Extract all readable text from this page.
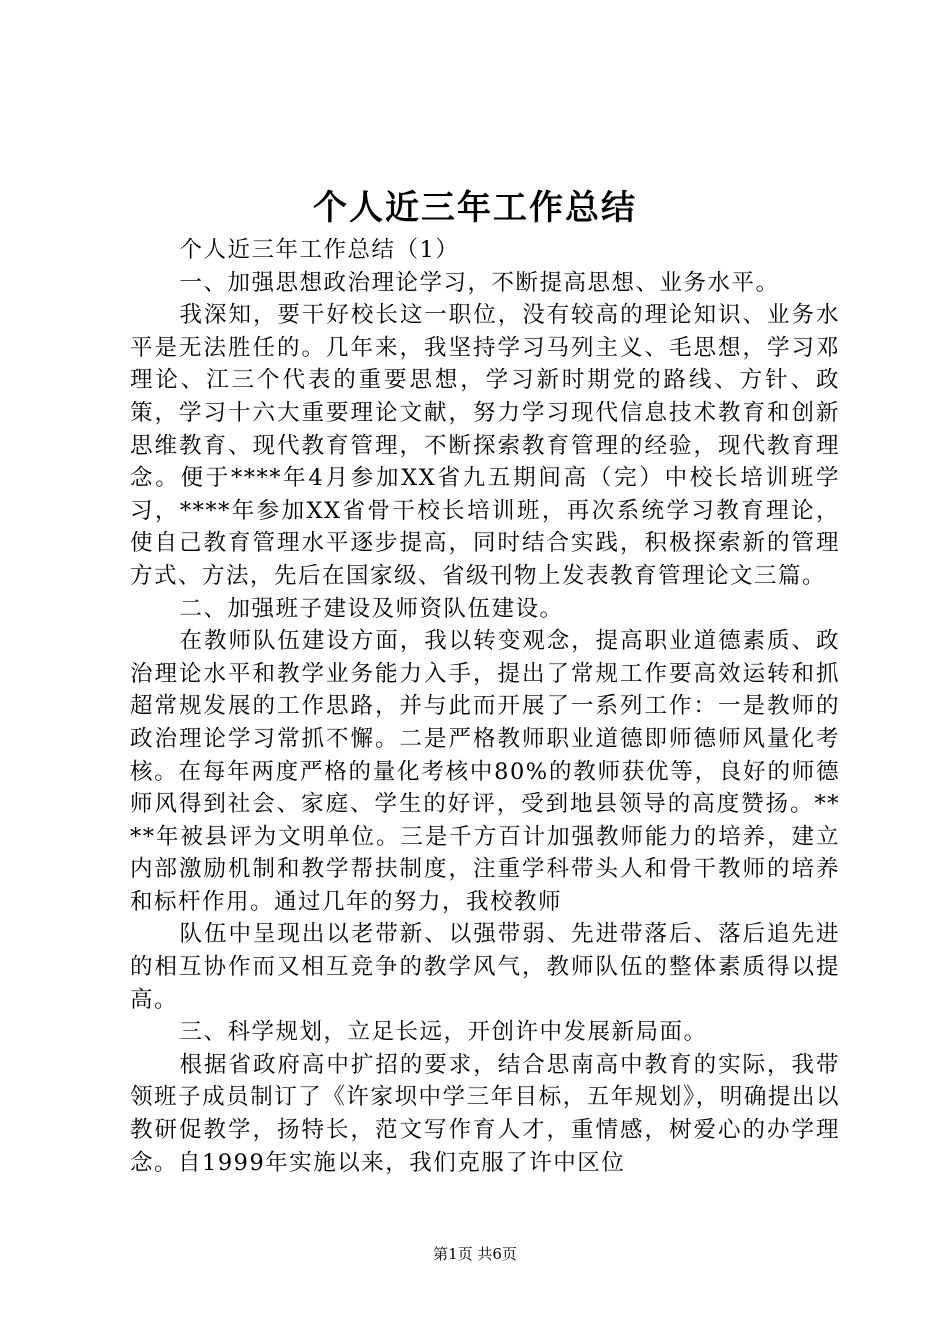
个人近三年工作总结

个人近三年工作总结（1）

一、加强思想政治理论学习，不断提高思想、业务水平。

我深知，要干好校长这一职位，没有较高的理论知识、业务水平是无法胜任的。几年来，我坚持学习马列主义、毛思想，学习邓理论、江三个代表的重要思想，学习新时期党的路线、方针、政策，学习十六大重要理论文献，努力学习现代信息技术教育和创新思维教育、现代教育管理，不断探索教育管理的经验，现代教育理念。便于****年4月参加XX省九五期间高（完）中校长培训班学习，****年参加XX省骨干校长培训班，再次系统学习教育理论，使自己教育管理水平逐步提高，同时结合实践，积极探索新的管理方式、方法，先后在国家级、省级刊物上发表教育管理论文三篇。

二、加强班子建设及师资队伍建设。

在教师队伍建设方面，我以转变观念，提高职业道德素质、政治理论水平和教学业务能力入手，提出了常规工作要高效运转和抓超常规发展的工作思路，并与此而开展了一系列工作：一是教师的政治理论学习常抓不懈。二是严格教师职业道德即师德师风量化考核。在每年两度严格的量化考核中80%的教师获优等，良好的师德师风得到社会、家庭、学生的好评，受到地县领导的高度赞扬。****年被县评为文明单位。三是千方百计加强教师能力的培养，建立内部激励机制和教学帮扶制度，注重学科带头人和骨干教师的培养和标杆作用。通过几年的努力，我校教师

队伍中呈现出以老带新、以强带弱、先进带落后、落后追先进的相互协作而又相互竞争的教学风气，教师队伍的整体素质得以提高。

三、科学规划，立足长远，开创许中发展新局面。

根据省政府高中扩招的要求，结合思南高中教育的实际，我带领班子成员制订了《许家坝中学三年目标，五年规划》，明确提出以教研促教学，扬特长，范文写作育人才，重情感，树爱心的办学理念。自1999年实施以来，我们克服了许中区位

第1页 共6页
